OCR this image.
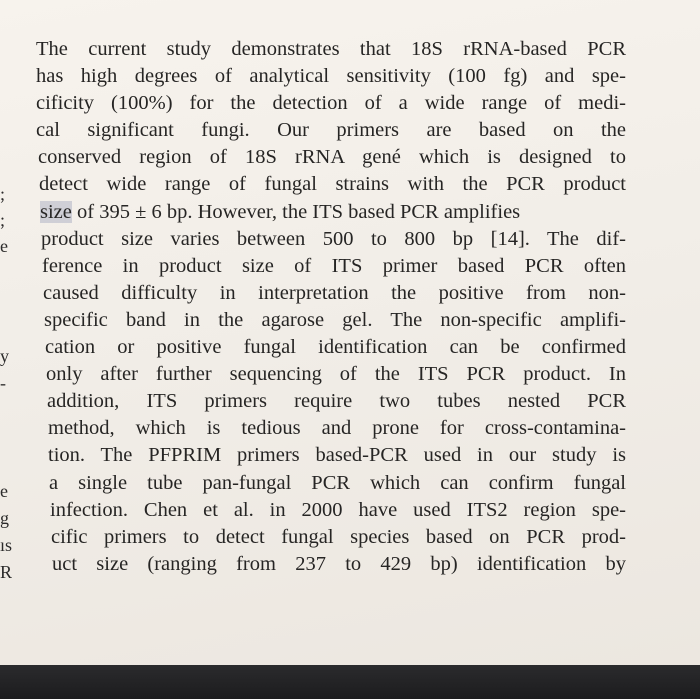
;
;
e
y
-
e
g
ıs
R
The current study demonstrates that 18S rRNA-based PCR
has high degrees of analytical sensitivity (100 fg) and spe-
cificity (100%) for the detection of a wide range of medi-
cal significant fungi. Our primers are based on the
conserved region of 18S rRNA gené which is designed to
detect wide range of fungal strains with the PCR product
size of 395 ± 6 bp. However, the ITS based PCR amplifies
product size varies between 500 to 800 bp [14]. The dif-
ference in product size of ITS primer based PCR often
caused difficulty in interpretation the positive from non-
specific band in the agarose gel. The non-specific amplifi-
cation or positive fungal identification can be confirmed
only after further sequencing of the ITS PCR product. In
addition, ITS primers require two tubes nested PCR
method, which is tedious and prone for cross-contamina-
tion. The PFPRIM primers based-PCR used in our study is
a single tube pan-fungal PCR which can confirm fungal
infection. Chen et al. in 2000 have used ITS2 region spe-
cific primers to detect fungal species based on PCR prod-
uct size (ranging from 237 to 429 bp) identification by
